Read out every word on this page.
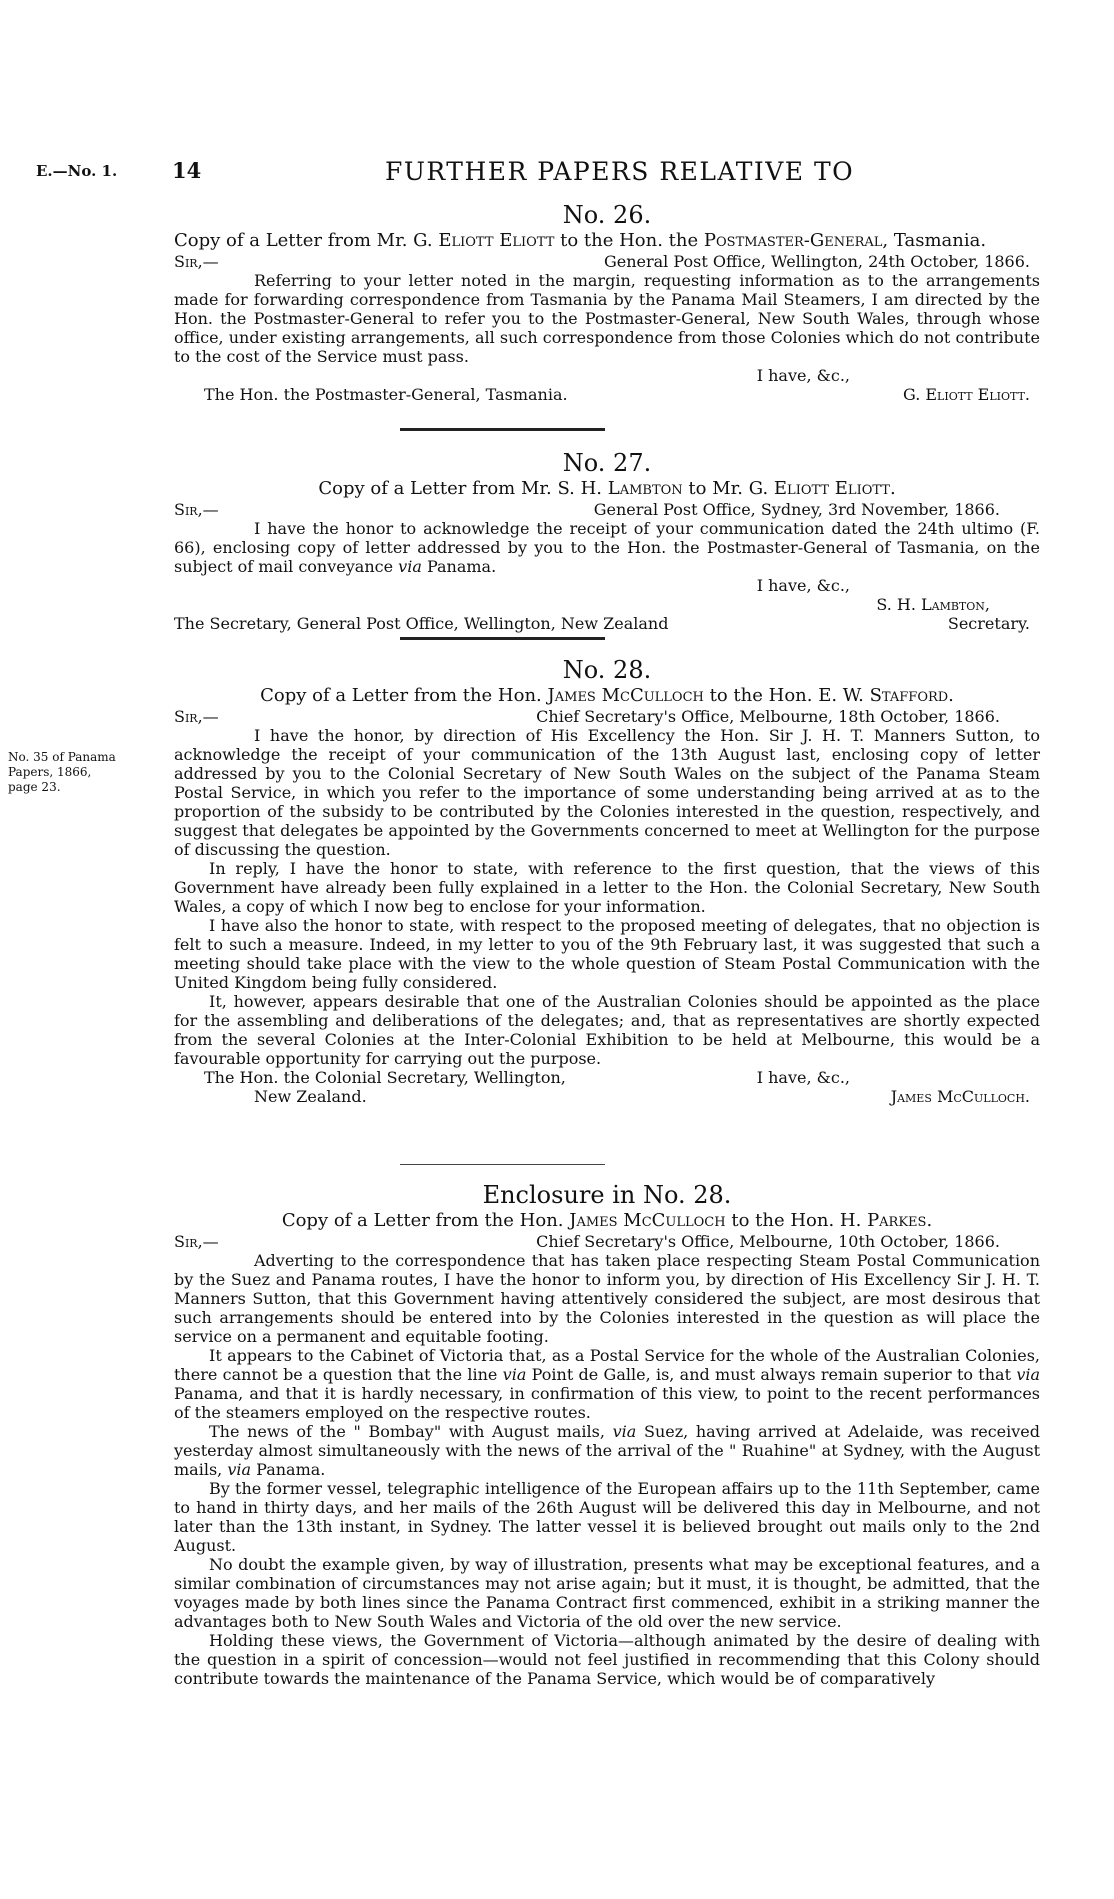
E.—No. 1.	14	FURTHER PAPERS RELATIVE TO
No. 26.
Copy of a Letter from Mr. G. Eliott Eliott to the Hon. the Postmaster-General, Tasmania.
Sir,—	General Post Office, Wellington, 24th October, 1866.

Referring to your letter noted in the margin, requesting information as to the arrangements made for forwarding correspondence from Tasmania by the Panama Mail Steamers, I am directed by the Hon. the Postmaster-General to refer you to the Postmaster-General, New South Wales, through whose office, under existing arrangements, all such correspondence from those Colonies which do not contribute to the cost of the Service must pass.

I have, &c.,
The Hon. the Postmaster-General, Tasmania.	G. Eliott Eliott.
No. 27.
Copy of a Letter from Mr. S. H. Lambton to Mr. G. Eliott Eliott.
Sir,—	General Post Office, Sydney, 3rd November, 1866.

I have the honor to acknowledge the receipt of your communication dated the 24th ultimo (F. 66), enclosing copy of letter addressed by you to the Hon. the Postmaster-General of Tasmania, on the subject of mail conveyance via Panama.

I have, &c.,
S. H. Lambton,
The Secretary, General Post Office, Wellington, New Zealand	Secretary.
No. 28.
Copy of a Letter from the Hon. James McCulloch to the Hon. E. W. Stafford.
Sir,—	Chief Secretary's Office, Melbourne, 18th October, 1866.

I have the honor, by direction of His Excellency the Hon. Sir J. H. T. Manners Sutton, to acknowledge the receipt of your communication of the 13th August last, enclosing copy of letter addressed by you to the Colonial Secretary of New South Wales on the subject of the Panama Steam Postal Service, in which you refer to the importance of some understanding being arrived at as to the proportion of the subsidy to be contributed by the Colonies interested in the question, respectively, and suggest that delegates be appointed by the Governments concerned to meet at Wellington for the purpose of discussing the question.

In reply, I have the honor to state, with reference to the first question, that the views of this Government have already been fully explained in a letter to the Hon. the Colonial Secretary, New South Wales, a copy of which I now beg to enclose for your information.

I have also the honor to state, with respect to the proposed meeting of delegates, that no objection is felt to such a measure. Indeed, in my letter to you of the 9th February last, it was suggested that such a meeting should take place with the view to the whole question of Steam Postal Communication with the United Kingdom being fully considered.

It, however, appears desirable that one of the Australian Colonies should be appointed as the place for the assembling and deliberations of the delegates; and, that as representatives are shortly expected from the several Colonies at the Inter-Colonial Exhibition to be held at Melbourne, this would be a favourable opportunity for carrying out the purpose.

The Hon. the Colonial Secretary, Wellington,	I have, &c.,
New Zealand.	James McCulloch.
No. 35 of Panama
Papers, 1866,
page 23.
Enclosure in No. 28.
Copy of a Letter from the Hon. James McCulloch to the Hon. H. Parkes.
Sir,—	Chief Secretary's Office, Melbourne, 10th October, 1866.

Adverting to the correspondence that has taken place respecting Steam Postal Communication by the Suez and Panama routes, I have the honor to inform you, by direction of His Excellency Sir J. H. T. Manners Sutton, that this Government having attentively considered the subject, are most desirous that such arrangements should be entered into by the Colonies interested in the question as will place the service on a permanent and equitable footing.

It appears to the Cabinet of Victoria that, as a Postal Service for the whole of the Australian Colonies, there cannot be a question that the line via Point de Galle, is, and must always remain superior to that via Panama, and that it is hardly necessary, in confirmation of this view, to point to the recent performances of the steamers employed on the respective routes.

The news of the " Bombay" with August mails, via Suez, having arrived at Adelaide, was received yesterday almost simultaneously with the news of the arrival of the " Ruahine" at Sydney, with the August mails, via Panama.

By the former vessel, telegraphic intelligence of the European affairs up to the 11th September, came to hand in thirty days, and her mails of the 26th August will be delivered this day in Melbourne, and not later than the 13th instant, in Sydney. The latter vessel it is believed brought out mails only to the 2nd August.

No doubt the example given, by way of illustration, presents what may be exceptional features, and a similar combination of circumstances may not arise again; but it must, it is thought, be admitted, that the voyages made by both lines since the Panama Contract first commenced, exhibit in a striking manner the advantages both to New South Wales and Victoria of the old over the new service.

Holding these views, the Government of Victoria—although animated by the desire of dealing with the question in a spirit of concession—would not feel justified in recommending that this Colony should contribute towards the maintenance of the Panama Service, which would be of comparatively
